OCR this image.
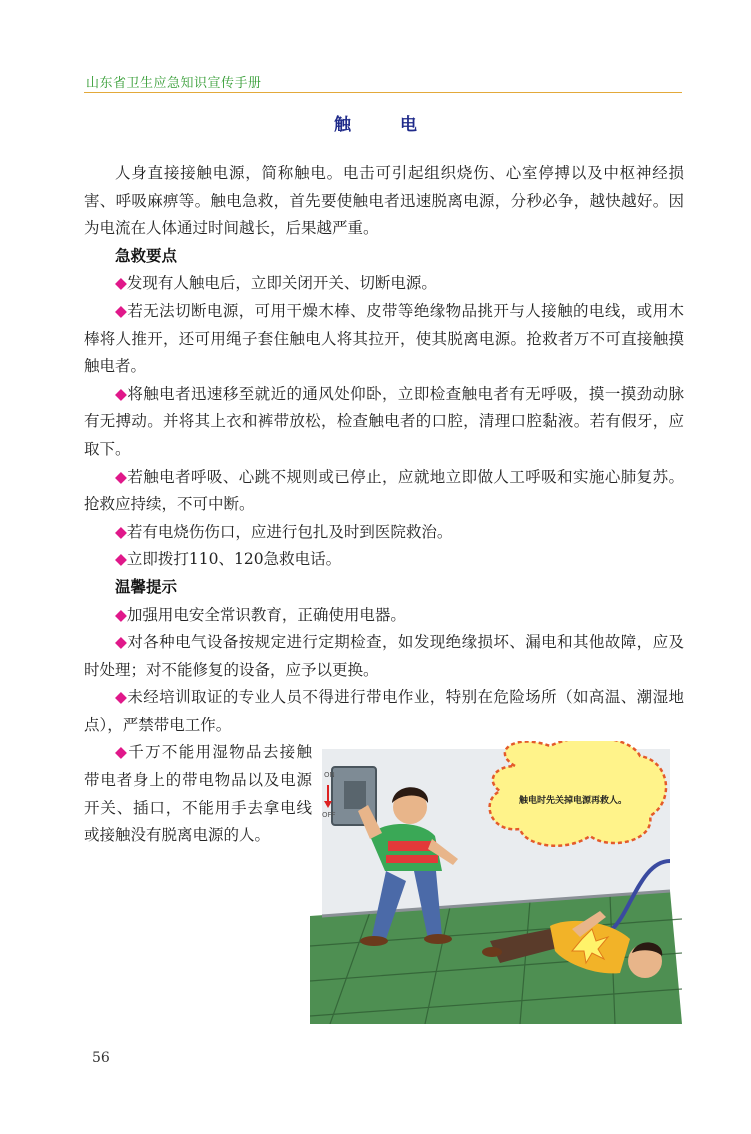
山东省卫生应急知识宣传手册
触　电

人身直接接触电源，简称触电。电击可引起组织烧伤、心室停搏以及中枢神经损害、呼吸麻痹等。触电急救，首先要使触电者迅速脱离电源，分秒必争，越快越好。因为电流在人体通过时间越长，后果越严重。

急救要点

◆发现有人触电后，立即关闭开关、切断电源。

◆若无法切断电源，可用干燥木棒、皮带等绝缘物品挑开与人接触的电线，或用木棒将人推开，还可用绳子套住触电人将其拉开，使其脱离电源。抢救者万不可直接触摸触电者。

◆将触电者迅速移至就近的通风处仰卧，立即检查触电者有无呼吸，摸一摸劲动脉有无搏动。并将其上衣和裤带放松，检查触电者的口腔，清理口腔黏液。若有假牙，应取下。

◆若触电者呼吸、心跳不规则或已停止，应就地立即做人工呼吸和实施心肺复苏。抢救应持续，不可中断。

◆若有电烧伤伤口，应进行包扎及时到医院救治。

◆立即拨打110、120急救电话。

温馨提示

◆加强用电安全常识教育，正确使用电器。

◆对各种电气设备按规定进行定期检查，如发现绝缘损坏、漏电和其他故障，应及时处理；对不能修复的设备，应予以更换。

◆未经培训取证的专业人员不得进行带电作业，特别在危险场所（如高温、潮湿地点），严禁带电工作。

◆千万不能用湿物品去接触带电者身上的带电物品以及电源开关、插口，不能用手去拿电线或接触没有脱离电源的人。

ON
OFF
触电时先关掉电源再救人。
56
